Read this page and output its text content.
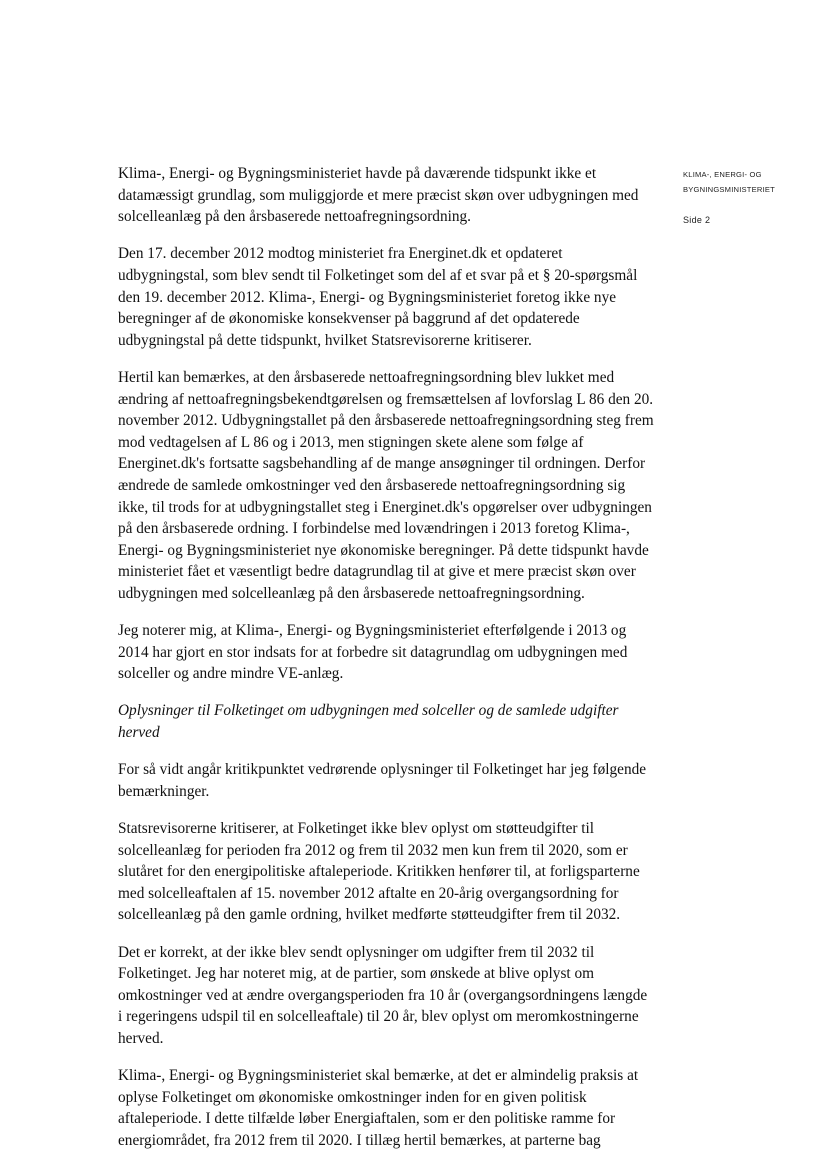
KLIMA-, ENERGI- OG BYGNINGSMINISTERIET
Side 2

Klima-, Energi- og Bygningsministeriet havde på daværende tidspunkt ikke et datamæssigt grundlag, som muliggjorde et mere præcist skøn over udbygningen med solcelleanlæg på den årsbaserede nettoafregningsordning.

Den 17. december 2012 modtog ministeriet fra Energinet.dk et opdateret udbygningstal, som blev sendt til Folketinget som del af et svar på et § 20-spørgsmål den 19. december 2012. Klima-, Energi- og Bygningsministeriet foretog ikke nye beregninger af de økonomiske konsekvenser på baggrund af det opdaterede udbygningstal på dette tidspunkt, hvilket Statsrevisorerne kritiserer.

Hertil kan bemærkes, at den årsbaserede nettoafregningsordning blev lukket med ændring af nettoafregningsbekendtgørelsen og fremsættelsen af lovforslag L 86 den 20. november 2012. Udbygningstallet på den årsbaserede nettoafregningsordning steg frem mod vedtagelsen af L 86 og i 2013, men stigningen skete alene som følge af Energinet.dk's fortsatte sagsbehandling af de mange ansøgninger til ordningen. Derfor ændrede de samlede omkostninger ved den årsbaserede nettoafregningsordning sig ikke, til trods for at udbygningstallet steg i Energinet.dk's opgørelser over udbygningen på den årsbaserede ordning. I forbindelse med lovændringen i 2013 foretog Klima-, Energi- og Bygningsministeriet nye økonomiske beregninger. På dette tidspunkt havde ministeriet fået et væsentligt bedre datagrundlag til at give et mere præcist skøn over udbygningen med solcelleanlæg på den årsbaserede nettoafregningsordning.

Jeg noterer mig, at Klima-, Energi- og Bygningsministeriet efterfølgende i 2013 og 2014 har gjort en stor indsats for at forbedre sit datagrundlag om udbygningen med solceller og andre mindre VE-anlæg.

Oplysninger til Folketinget om udbygningen med solceller og de samlede udgifter herved

For så vidt angår kritikpunktet vedrørende oplysninger til Folketinget har jeg følgende bemærkninger.

Statsrevisorerne kritiserer, at Folketinget ikke blev oplyst om støtteudgifter til solcelleanlæg for perioden fra 2012 og frem til 2032 men kun frem til 2020, som er slutåret for den energipolitiske aftaleperiode. Kritikken henfører til, at forligsparterne med solcelleaftalen af 15. november 2012 aftalte en 20-årig overgangsordning for solcelleanlæg på den gamle ordning, hvilket medførte støtteudgifter frem til 2032.

Det er korrekt, at der ikke blev sendt oplysninger om udgifter frem til 2032 til Folketinget. Jeg har noteret mig, at de partier, som ønskede at blive oplyst om omkostninger ved at ændre overgangsperioden fra 10 år (overgangsordningens længde i regeringens udspil til en solcelleaftale) til 20 år, blev oplyst om meromkostningerne herved.

Klima-, Energi- og Bygningsministeriet skal bemærke, at det er almindelig praksis at oplyse Folketinget om økonomiske omkostninger inden for en given politisk aftaleperiode. I dette tilfælde løber Energiaftalen, som er den politiske ramme for energiområdet, fra 2012 frem til 2020. I tillæg hertil bemærkes, at parterne bag
